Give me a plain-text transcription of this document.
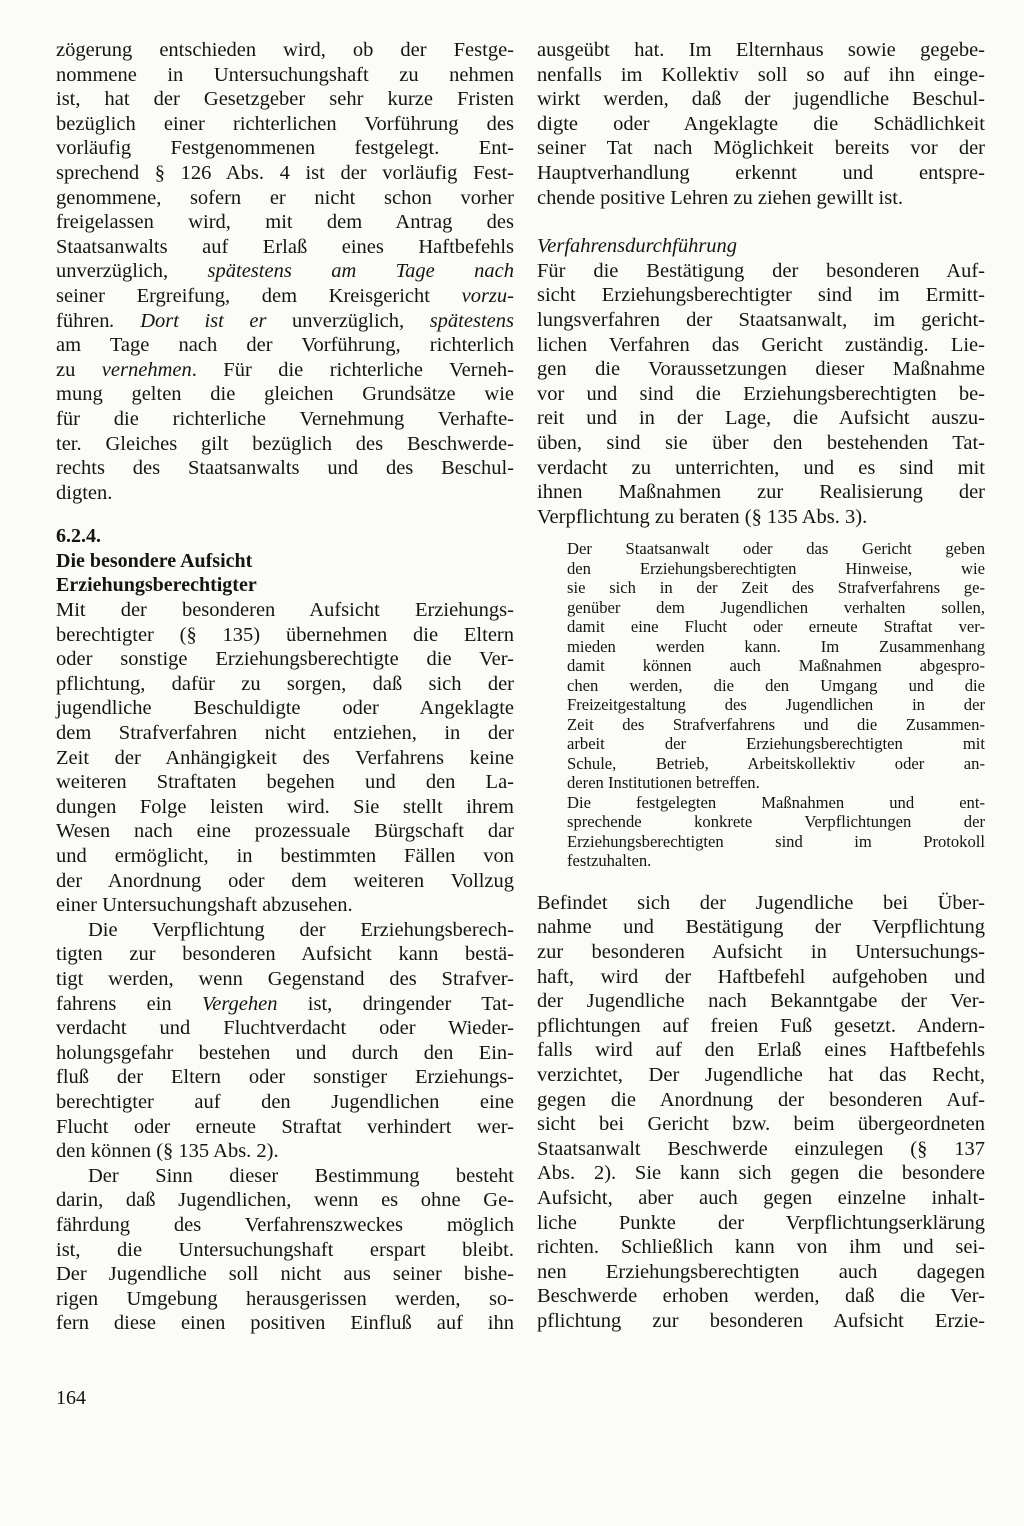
zögerung entschieden wird, ob der Festge-
nommene in Untersuchungshaft zu nehmen
ist, hat der Gesetzgeber sehr kurze Fristen
bezüglich einer richterlichen Vorführung des
vorläufig Festgenommenen festgelegt. Ent-
sprechend § 126 Abs. 4 ist der vorläufig Fest-
genommene, sofern er nicht schon vorher
freigelassen wird, mit dem Antrag des
Staatsanwalts auf Erlaß eines Haftbefehls
unverzüglich, spätestens am Tage nach
seiner Ergreifung, dem Kreisgericht vorzu-
führen. Dort ist er unverzüglich, spätestens
am Tage nach der Vorführung, richterlich
zu vernehmen. Für die richterliche Verneh-
mung gelten die gleichen Grundsätze wie
für die richterliche Vernehmung Verhafte-
ter. Gleiches gilt bezüglich des Beschwerde-
rechts des Staatsanwalts und des Beschul-
digten.
6.2.4.
Die besondere Aufsicht
Erziehungsberechtigter
Mit der besonderen Aufsicht Erziehungs-
berechtigter (§ 135) übernehmen die Eltern
oder sonstige Erziehungsberechtigte die Ver-
pflichtung, dafür zu sorgen, daß sich der
jugendliche Beschuldigte oder Angeklagte
dem Strafverfahren nicht entziehen, in der
Zeit der Anhängigkeit des Verfahrens keine
weiteren Straftaten begehen und den La-
dungen Folge leisten wird. Sie stellt ihrem
Wesen nach eine prozessuale Bürgschaft dar
und ermöglicht, in bestimmten Fällen von
der Anordnung oder dem weiteren Vollzug
einer Untersuchungshaft abzusehen.
Die Verpflichtung der Erziehungsberech-
tigten zur besonderen Aufsicht kann bestä-
tigt werden, wenn Gegenstand des Strafver-
fahrens ein Vergehen ist, dringender Tat-
verdacht und Fluchtverdacht oder Wieder-
holungsgefahr bestehen und durch den Ein-
fluß der Eltern oder sonstiger Erziehungs-
berechtigter auf den Jugendlichen eine
Flucht oder erneute Straftat verhindert wer-
den können (§ 135 Abs. 2).
Der Sinn dieser Bestimmung besteht
darin, daß Jugendlichen, wenn es ohne Ge-
fährdung des Verfahrenszweckes möglich
ist, die Untersuchungshaft erspart bleibt.
Der Jugendliche soll nicht aus seiner bishe-
rigen Umgebung herausgerissen werden, so-
fern diese einen positiven Einfluß auf ihn
ausgeübt hat. Im Elternhaus sowie gegebe-
nenfalls im Kollektiv soll so auf ihn einge-
wirkt werden, daß der jugendliche Beschul-
digte oder Angeklagte die Schädlichkeit
seiner Tat nach Möglichkeit bereits vor der
Hauptverhandlung erkennt und entspre-
chende positive Lehren zu ziehen gewillt ist.
Verfahrensdurchführung
Für die Bestätigung der besonderen Auf-
sicht Erziehungsberechtigter sind im Ermitt-
lungsverfahren der Staatsanwalt, im gericht-
lichen Verfahren das Gericht zuständig. Lie-
gen die Voraussetzungen dieser Maßnahme
vor und sind die Erziehungsberechtigten be-
reit und in der Lage, die Aufsicht auszu-
üben, sind sie über den bestehenden Tat-
verdacht zu unterrichten, und es sind mit
ihnen Maßnahmen zur Realisierung der
Verpflichtung zu beraten (§ 135 Abs. 3).
Der Staatsanwalt oder das Gericht geben
den Erziehungsberechtigten Hinweise, wie
sie sich in der Zeit des Strafverfahrens ge-
genüber dem Jugendlichen verhalten sollen,
damit eine Flucht oder erneute Straftat ver-
mieden werden kann. Im Zusammenhang
damit können auch Maßnahmen abgespro-
chen werden, die den Umgang und die
Freizeitgestaltung des Jugendlichen in der
Zeit des Strafverfahrens und die Zusammen-
arbeit der Erziehungsberechtigten mit
Schule, Betrieb, Arbeitskollektiv oder an-
deren Institutionen betreffen.
Die festgelegten Maßnahmen und ent-
sprechende konkrete Verpflichtungen der
Erziehungsberechtigten sind im Protokoll
festzuhalten.
Befindet sich der Jugendliche bei Über-
nahme und Bestätigung der Verpflichtung
zur besonderen Aufsicht in Untersuchungs-
haft, wird der Haftbefehl aufgehoben und
der Jugendliche nach Bekanntgabe der Ver-
pflichtungen auf freien Fuß gesetzt. Andern-
falls wird auf den Erlaß eines Haftbefehls
verzichtet, Der Jugendliche hat das Recht,
gegen die Anordnung der besonderen Auf-
sicht bei Gericht bzw. beim übergeordneten
Staatsanwalt Beschwerde einzulegen (§ 137
Abs. 2). Sie kann sich gegen die besondere
Aufsicht, aber auch gegen einzelne inhalt-
liche Punkte der Verpflichtungserklärung
richten. Schließlich kann von ihm und sei-
nen Erziehungsberechtigten auch dagegen
Beschwerde erhoben werden, daß die Ver-
pflichtung zur besonderen Aufsicht Erzie-
164
